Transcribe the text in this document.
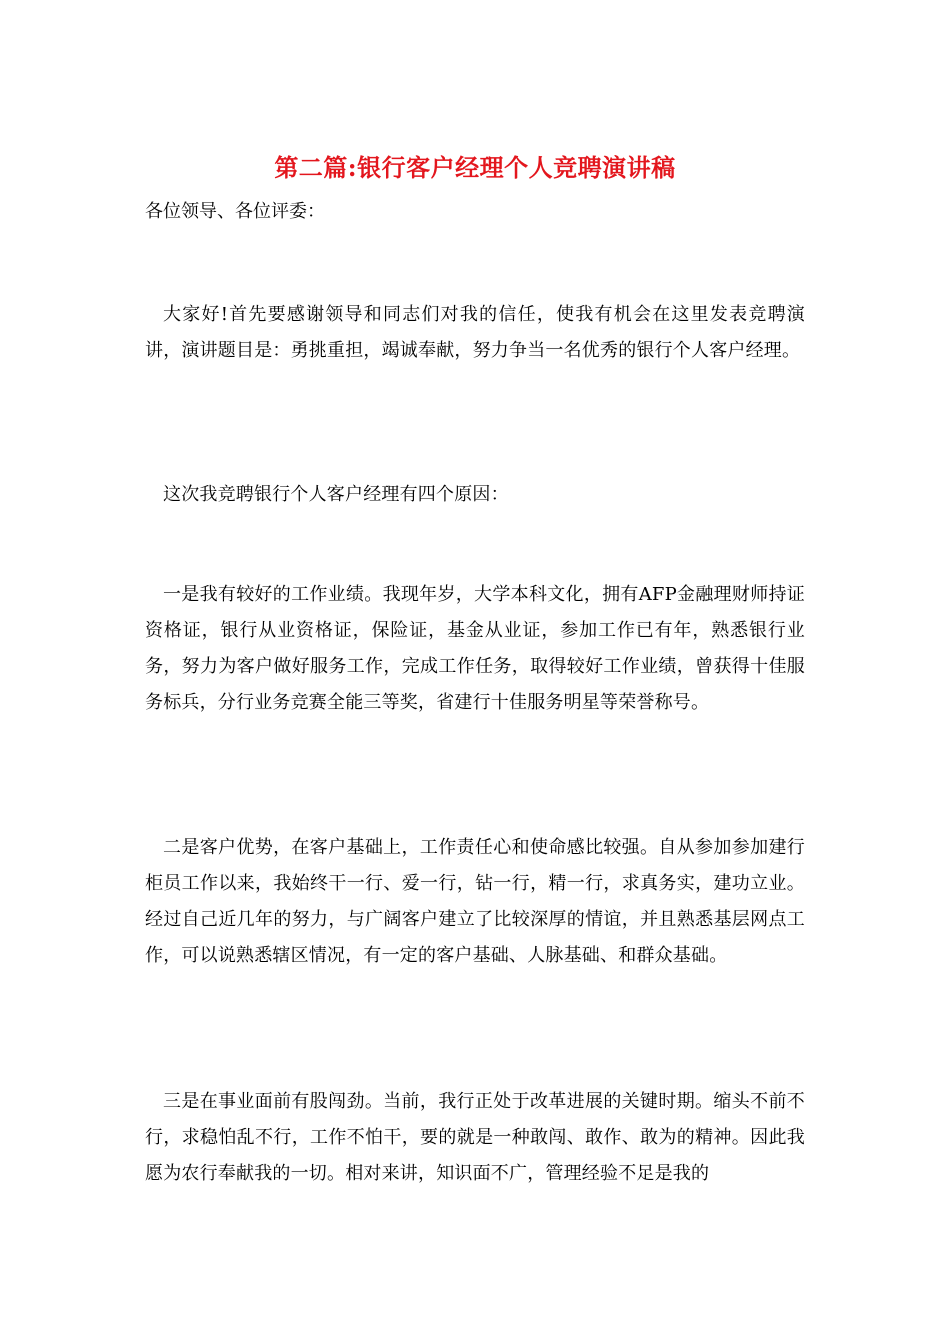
第二篇:银行客户经理个人竞聘演讲稿

各位领导、各位评委：

大家好!首先要感谢领导和同志们对我的信任，使我有机会在这里发表竞聘演讲，演讲题目是：勇挑重担，竭诚奉献，努力争当一名优秀的银行个人客户经理。

这次我竞聘银行个人客户经理有四个原因：

一是我有较好的工作业绩。我现年岁，大学本科文化，拥有AFP金融理财师持证资格证，银行从业资格证，保险证，基金从业证，参加工作已有年，熟悉银行业务，努力为客户做好服务工作，完成工作任务，取得较好工作业绩，曾获得十佳服务标兵，分行业务竞赛全能三等奖，省建行十佳服务明星等荣誉称号。

二是客户优势，在客户基础上，工作责任心和使命感比较强。自从参加参加建行柜员工作以来，我始终干一行、爱一行，钻一行，精一行，求真务实，建功立业。经过自己近几年的努力，与广阔客户建立了比较深厚的情谊，并且熟悉基层网点工作，可以说熟悉辖区情况，有一定的客户基础、人脉基础、和群众基础。

三是在事业面前有股闯劲。当前，我行正处于改革进展的关键时期。缩头不前不行，求稳怕乱不行，工作不怕干，要的就是一种敢闯、敢作、敢为的精神。因此我愿为农行奉献我的一切。相对来讲，知识面不广，管理经验不足是我的
